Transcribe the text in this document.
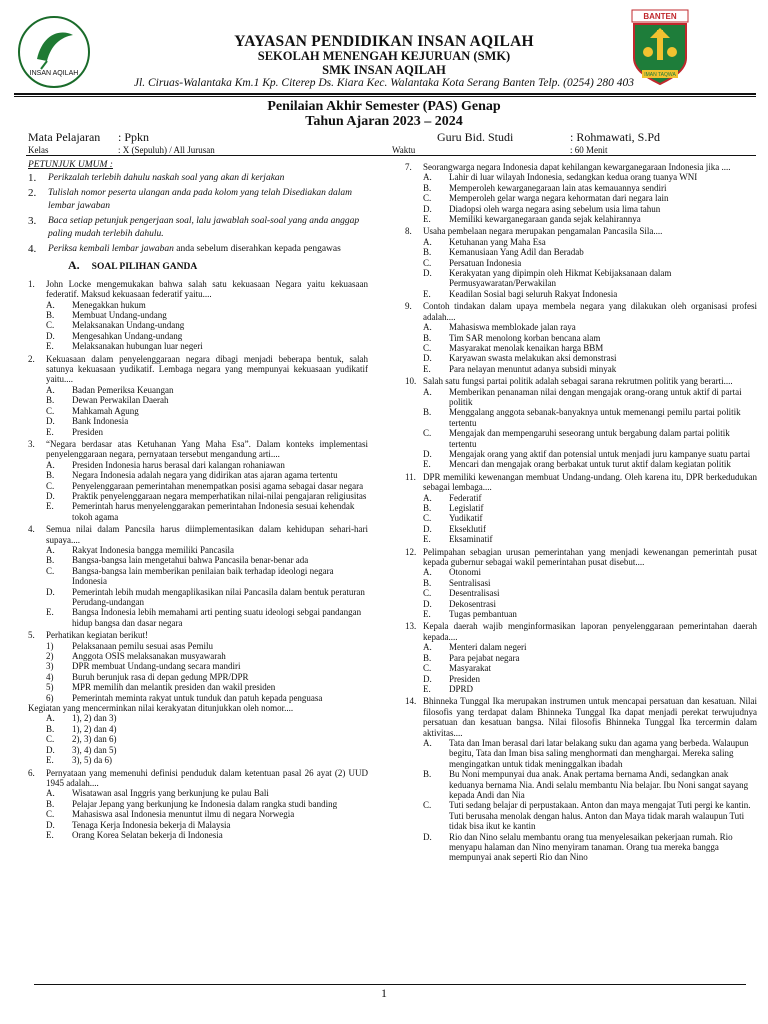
INSAN AQILAH
BANTEN
IMAN TAQWA
YAYASAN PENDIDIKAN INSAN AQILAH
SEKOLAH MENENGAH KEJURUAN (SMK)
SMK INSAN AQILAH
Jl. Ciruas-Walantaka Km.1 Kp. Citerep Ds. Kiara Kec. Walantaka Kota Serang Banten Telp. (0254) 280 403
Penilaian Akhir Semester (PAS) Genap
Tahun Ajaran 2023 – 2024
Mata Pelajaran : Ppkn	Guru Bid. Studi	: Rohmawati, S.Pd
Kelas	: X (Sepuluh) / All Jurusan	Waktu	: 60 Menit
PETUNJUK UMUM :
1. Perikzalah terlebih dahulu naskah soal yang akan di kerjakan
2. Tulislah nomor peserta ulangan anda pada kolom yang telah Disediakan dalam lembar jawaban
3. Baca setiap petunjuk pengerjaan soal, lalu jawablah soal-soal yang anda anggap paling mudah terlebih dahulu.
4. Periksa kembali lembar jawaban anda sebelum diserahkan kepada pengawas
A. SOAL PILIHAN GANDA
1. John Locke mengemukakan bahwa salah satu kekuasaan Negara yaitu kekuasaan federatif. Maksud kekuasaan federatif yaitu....
A. Menegakkan hukum
B. Membuat Undang-undang
C. Melaksanakan Undang-undang
D. Mengesahkan Undang-undang
E. Melaksanakan hubungan luar negeri
2. Kekuasaan dalam penyelenggaraan negara dibagi menjadi beberapa bentuk, salah satunya kekuasaan yudikatif. Lembaga negara yang mempunyai kekuasaan yudikatif yaitu....
A. Badan Pemeriksa Keuangan
B. Dewan Perwakilan Daerah
C. Mahkamah Agung
D. Bank Indonesia
E. Presiden
3. “Negara berdasar atas Ketuhanan Yang Maha Esa”. Dalam konteks implementasi penyelenggaraan negara, pernyataan tersebut mengandung arti....
A. Presiden Indonesia harus berasal dari kalangan rohaniawan
B. Negara Indonesia adalah negara yang didirikan atas ajaran agama tertentu
C. Penyelenggaraan pemerintahan menempatkan posisi agama sebagai dasar negara
D. Praktik penyelenggaraan negara memperhatikan nilai-nilai pengajaran religiusitas
E. Pemerintah harus menyelenggarakan pemerintahan Indonesia sesuai kehendak tokoh agama
4. Semua nilai dalam Pancsila harus diimplementasikan dalam kehidupan sehari-hari supaya....
A. Rakyat Indonesia bangga memiliki Pancasila
B. Bangsa-bangsa lain mengetahui bahwa Pancasila benar-benar ada
C. Bangsa-bangsa lain memberikan penilaian baik terhadap ideologi negara Indonesia
D. Pemerintah lebih mudah mengaplikasikan nilai Pancasila dalam bentuk peraturan Perudang-undangan
E. Bangsa Indonesia lebih memahami arti penting suatu ideologi sebgai pandangan hidup bangsa dan dasar negara
5. Perhatikan kegiatan berikut!
1) Pelaksanaan pemilu sesuai asas Pemilu
2) Anggota OSIS melaksanakan musyawarah
3) DPR membuat Undang-undang secara mandiri
4) Buruh berunjuk rasa di depan gedung MPR/DPR
5) MPR memilih dan melantik presiden dan wakil presiden
6) Pemerintah meminta rakyat untuk tunduk dan patuh kepada penguasa
Kegiatan yang mencerminkan nilai kerakyatan ditunjukkan oleh nomor....
A. 1), 2) dan 3)
B. 1), 2) dan 4)
C. 2), 3) dan 6)
D. 3), 4) dan 5)
E. 3), 5) da 6)
6. Pernyataan yang memenuhi definisi penduduk dalam ketentuan pasal 26 ayat (2) UUD 1945 adalah....
A. Wisatawan asal Inggris yang berkunjung ke pulau Bali
B. Pelajar Jepang yang berkunjung ke Indonesia dalam rangka studi banding
C. Mahasiswa asal Indonesia menuntut ilmu di negara Norwegia
D. Tenaga Kerja Indonesia bekerja di Malaysia
E. Orang Korea Selatan bekerja di Indonesia
7. Seorangwarga negara Indonesia dapat kehilangan kewarganegaraan Indonesia jika ....
A. Lahir di luar wilayah Indonesia, sedangkan kedua orang tuanya WNI
B. Memperoleh kewarganegaraan lain atas kemauannya sendiri
C. Memperoleh gelar warga negara kehormatan dari negara lain
D. Diadopsi oleh warga negara asing sebelum usia lima tahun
E. Memiliki kewarganegaraan ganda sejak kelahirannya
8. Usaha pembelaan negara merupakan pengamalan Pancasila Sila....
A. Ketuhanan yang Maha Esa
B. Kemanusiaan Yang Adil dan Beradab
C. Persatuan Indonesia
D. Kerakyatan yang dipimpin oleh Hikmat Kebijaksanaan dalam Permusyawaratan/Perwakilan
E. Keadilan Sosial bagi seluruh Rakyat Indonesia
9. Contoh tindakan dalam upaya membela negara yang dilakukan oleh organisasi profesi adalah....
A. Mahasiswa memblokade jalan raya
B. Tim SAR menolong korban bencana alam
C. Masyarakat menolak kenaikan harga BBM
D. Karyawan swasta melakukan aksi demonstrasi
E. Para nelayan menuntut adanya subsidi minyak
10. Salah satu fungsi partai politik adalah sebagai sarana rekrutmen politik yang berarti....
A. Memberikan penanaman nilai dengan mengajak orang-orang untuk aktif di partai politik
B. Menggalang anggota sebanak-banyaknya untuk memenangi pemilu partai politik tertentu
C. Mengajak dan mempengaruhi seseorang untuk bergabung dalam partai politik tertentu
D. Mengajak orang yang aktif dan potensial untuk menjadi juru kampanye suatu partai
E. Mencari dan mengajak orang berbakat untuk turut aktif dalam kegiatan politik
11. DPR memiliki kewenangan membuat Undang-undang. Oleh karena itu, DPR berkedudukan sebagai lembaga....
A. Federatif
B. Legislatif
C. Yudikatif
D. Ekseklutif
E. Eksaminatif
12. Pelimpahan sebagian urusan pemerintahan yang menjadi kewenangan pemerintah pusat kepada gubernur sebagai wakil pemerintahan pusat disebut....
A. Otonomi
B. Sentralisasi
C. Desentralisasi
D. Dekosentrasi
E. Tugas pembantuan
13. Kepala daerah wajib menginformasikan laporan penyelenggaraan pemerintahan daerah kepada....
A. Menteri dalam negeri
B. Para pejabat negara
C. Masyarakat
D. Presiden
E. DPRD
14. Bhinneka Tunggal Ika merupakan instrumen untuk mencapai persatuan dan kesatuan. Nilai filosofis yang terdapat dalam Bhinneka Tunggal Ika dapat menjadi perekat terwujudnya persatuan dan kesatuan bangsa. Nilai filosofis Bhinneka Tunggal Ika tercermin dalam aktivitas....
A. Tata dan Iman berasal dari latar belakang suku dan agama yang berbeda. Walaupun begitu, Tata dan Iman bisa saling menghormati dan menghargai. Mereka saling mengingatkan untuk tidak meninggalkan ibadah
B. Bu Noni mempunyai dua anak. Anak pertama bernama Andi, sedangkan anak keduanya bernama Nia. Andi selalu membantu Nia belajar. Ibu Noni sangat sayang kepada Andi dan Nia
C. Tuti sedang belajar di perpustakaan. Anton dan maya mengajat Tuti pergi ke kantin. Tuti berusaha menolak dengan halus. Anton dan Maya tidak marah walaupun Tuti tidak bisa ikut ke kantin
D. Rio dan Nino selalu membantu orang tua menyelesaikan pekerjaan rumah. Rio menyapu halaman dan Nino menyiram tanaman. Orang tua mereka bangga mempunyai anak seperti Rio dan Nino
1
